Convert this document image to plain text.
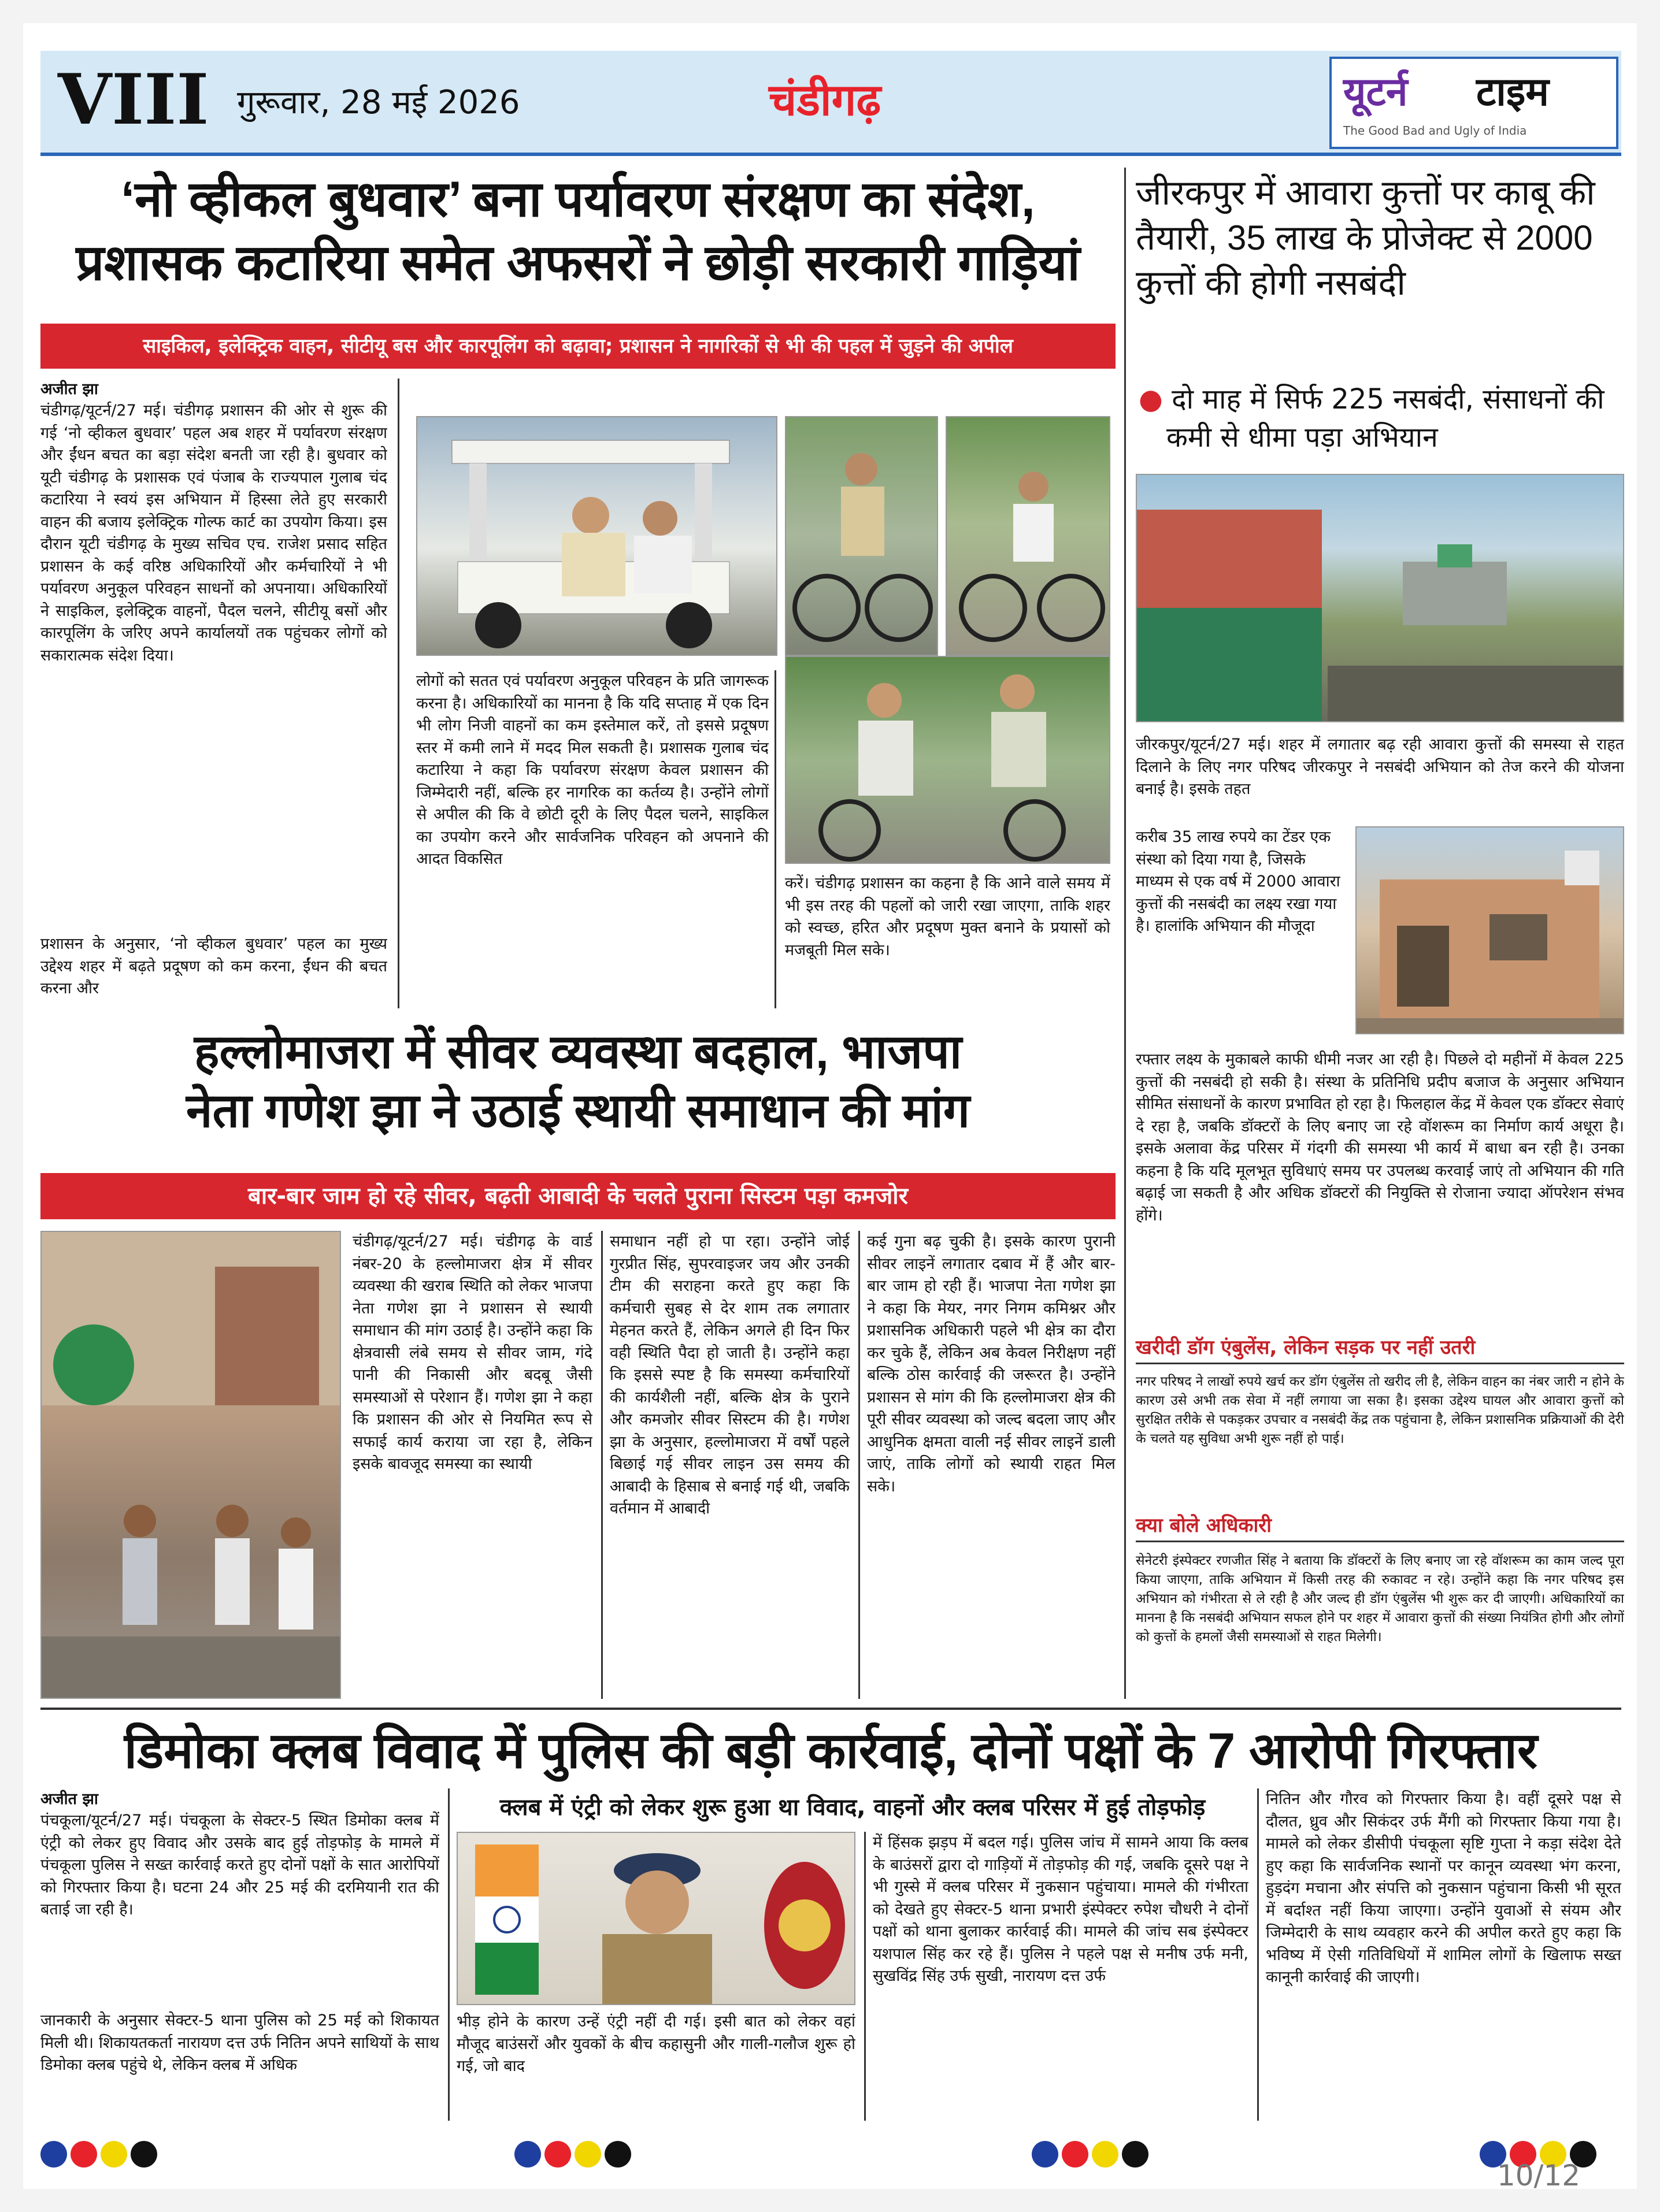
VIII गुरूवार, 28 मई 2026	चंडीगढ़	यूटर्न टाइम
The Good Bad and Ugly of India
‘नो व्हीकल बुधवार’ बना पर्यावरण संरक्षण का संदेश,
प्रशासक कटारिया समेत अफसरों ने छोड़ी सरकारी गाड़ियां
साइकिल, इलेक्ट्रिक वाहन, सीटीयू बस और कारपूलिंग को बढ़ावा; प्रशासन ने नागरिकों से भी की पहल में जुड़ने की अपील
अजीत झा
चंडीगढ़/यूटर्न/27 मई। चंडीगढ़ प्रशासन की ओर से शुरू की गई ‘नो व्हीकल बुधवार’ पहल अब शहर में पर्यावरण संरक्षण और ईंधन बचत का बड़ा संदेश बनती जा रही है। बुधवार को यूटी चंडीगढ़ के प्रशासक एवं पंजाब के राज्यपाल गुलाब चंद कटारिया ने स्वयं इस अभियान में हिस्सा लेते हुए सरकारी वाहन की बजाय इलेक्ट्रिक गोल्फ कार्ट का उपयोग किया। इस दौरान यूटी चंडीगढ़ के मुख्य सचिव एच. राजेश प्रसाद सहित प्रशासन के कई वरिष्ठ अधिकारियों और कर्मचारियों ने भी पर्यावरण अनुकूल परिवहन साधनों को अपनाया। अधिकारियों ने साइकिल, इलेक्ट्रिक वाहनों, पैदल चलने, सीटीयू बसों और कारपूलिंग के जरिए अपने कार्यालयों तक पहुंचकर लोगों को सकारात्मक संदेश दिया।
प्रशासन के अनुसार, ‘नो व्हीकल बुधवार’ पहल का मुख्य उद्देश्य शहर में बढ़ते प्रदूषण को कम करना, ईंधन की बचत करना और
लोगों को सतत एवं पर्यावरण अनुकूल परिवहन के प्रति जागरूक करना है। अधिकारियों का मानना है कि यदि सप्ताह में एक दिन भी लोग निजी वाहनों का कम इस्तेमाल करें, तो इससे प्रदूषण स्तर में कमी लाने में मदद मिल सकती है। प्रशासक गुलाब चंद कटारिया ने कहा कि पर्यावरण संरक्षण केवल प्रशासन की जिम्मेदारी नहीं, बल्कि हर नागरिक का कर्तव्य है। उन्होंने लोगों से अपील की कि वे छोटी दूरी के लिए पैदल चलने, साइकिल का उपयोग करने और सार्वजनिक परिवहन को अपनाने की आदत विकसित
करें। चंडीगढ़ प्रशासन का कहना है कि आने वाले समय में भी इस तरह की पहलों को जारी रखा जाएगा, ताकि शहर को स्वच्छ, हरित और प्रदूषण मुक्त बनाने के प्रयासों को मजबूती मिल सके।
जीरकपुर में आवारा कुत्तों पर काबू की
तैयारी, 35 लाख के प्रोजेक्ट से 2000
कुत्तों की होगी नसबंदी
● दो माह में सिर्फ 225 नसबंदी, संसाधनों की
कमी से धीमा पड़ा अभियान
जीरकपुर/यूटर्न/27 मई। शहर में लगातार बढ़ रही आवारा कुत्तों की समस्या से राहत दिलाने के लिए नगर परिषद जीरकपुर ने नसबंदी अभियान को तेज करने की योजना बनाई है। इसके तहत
करीब 35 लाख रुपये का टेंडर एक संस्था को दिया गया है, जिसके माध्यम से एक वर्ष में 2000 आवारा कुत्तों की नसबंदी का लक्ष्य रखा गया है। हालांकि अभियान की मौजूदा
रफ्तार लक्ष्य के मुकाबले काफी धीमी नजर आ रही है। पिछले दो महीनों में केवल 225 कुत्तों की नसबंदी हो सकी है। संस्था के प्रतिनिधि प्रदीप बजाज के अनुसार अभियान सीमित संसाधनों के कारण प्रभावित हो रहा है। फिलहाल केंद्र में केवल एक डॉक्टर सेवाएं दे रहा है, जबकि डॉक्टरों के लिए बनाए जा रहे वॉशरूम का निर्माण कार्य अधूरा है। इसके अलावा केंद्र परिसर में गंदगी की समस्या भी कार्य में बाधा बन रही है। उनका कहना है कि यदि मूलभूत सुविधाएं समय पर उपलब्ध करवाई जाएं तो अभियान की गति बढ़ाई जा सकती है और अधिक डॉक्टरों की नियुक्ति से रोजाना ज्यादा ऑपरेशन संभव होंगे।
खरीदी डॉग एंबुलेंस, लेकिन सड़क पर नहीं उतरी
नगर परिषद ने लाखों रुपये खर्च कर डॉग एंबुलेंस तो खरीद ली है, लेकिन वाहन का नंबर जारी न होने के कारण उसे अभी तक सेवा में नहीं लगाया जा सका है। इसका उद्देश्य घायल और आवारा कुत्तों को सुरक्षित तरीके से पकड़कर उपचार व नसबंदी केंद्र तक पहुंचाना है, लेकिन प्रशासनिक प्रक्रियाओं की देरी के चलते यह सुविधा अभी शुरू नहीं हो पाई।
क्या बोले अधिकारी
सेनेटरी इंस्पेक्टर रणजीत सिंह ने बताया कि डॉक्टरों के लिए बनाए जा रहे वॉशरूम का काम जल्द पूरा किया जाएगा, ताकि अभियान में किसी तरह की रुकावट न रहे। उन्होंने कहा कि नगर परिषद इस अभियान को गंभीरता से ले रही है और जल्द ही डॉग एंबुलेंस भी शुरू कर दी जाएगी। अधिकारियों का मानना है कि नसबंदी अभियान सफल होने पर शहर में आवारा कुत्तों की संख्या नियंत्रित होगी और लोगों को कुत्तों के हमलों जैसी समस्याओं से राहत मिलेगी।
हल्लोमाजरा में सीवर व्यवस्था बदहाल, भाजपा
नेता गणेश झा ने उठाई स्थायी समाधान की मांग
बार-बार जाम हो रहे सीवर, बढ़ती आबादी के चलते पुराना सिस्टम पड़ा कमजोर
चंडीगढ़/यूटर्न/27 मई। चंडीगढ़ के वार्ड नंबर-20 के हल्लोमाजरा क्षेत्र में सीवर व्यवस्था की खराब स्थिति को लेकर भाजपा नेता गणेश झा ने प्रशासन से स्थायी समाधान की मांग उठाई है। उन्होंने कहा कि क्षेत्रवासी लंबे समय से सीवर जाम, गंदे पानी की निकासी और बदबू जैसी समस्याओं से परेशान हैं। गणेश झा ने कहा कि प्रशासन की ओर से नियमित रूप से सफाई कार्य कराया जा रहा है, लेकिन इसके बावजूद समस्या का स्थायी
समाधान नहीं हो पा रहा। उन्होंने जोई गुरप्रीत सिंह, सुपरवाइजर जय और उनकी टीम की सराहना करते हुए कहा कि कर्मचारी सुबह से देर शाम तक लगातार मेहनत करते हैं, लेकिन अगले ही दिन फिर वही स्थिति पैदा हो जाती है। उन्होंने कहा कि इससे स्पष्ट है कि समस्या कर्मचारियों की कार्यशैली नहीं, बल्कि क्षेत्र के पुराने और कमजोर सीवर सिस्टम की है। गणेश झा के अनुसार, हल्लोमाजरा में वर्षों पहले बिछाई गई सीवर लाइन उस समय की आबादी के हिसाब से बनाई गई थी, जबकि वर्तमान में आबादी
कई गुना बढ़ चुकी है। इसके कारण पुरानी सीवर लाइनें लगातार दबाव में हैं और बार-बार जाम हो रही हैं। भाजपा नेता गणेश झा ने कहा कि मेयर, नगर निगम कमिश्नर और प्रशासनिक अधिकारी पहले भी क्षेत्र का दौरा कर चुके हैं, लेकिन अब केवल निरीक्षण नहीं बल्कि ठोस कार्रवाई की जरूरत है। उन्होंने प्रशासन से मांग की कि हल्लोमाजरा क्षेत्र की पूरी सीवर व्यवस्था को जल्द बदला जाए और आधुनिक क्षमता वाली नई सीवर लाइनें डाली जाएं, ताकि लोगों को स्थायी राहत मिल सके।
डिमोका क्लब विवाद में पुलिस की बड़ी कार्रवाई, दोनों पक्षों के 7 आरोपी गिरफ्तार
अजीत झा
पंचकूला/यूटर्न/27 मई। पंचकूला के सेक्टर-5 स्थित डिमोका क्लब में एंट्री को लेकर हुए विवाद और उसके बाद हुई तोड़फोड़ के मामले में पंचकूला पुलिस ने सख्त कार्रवाई करते हुए दोनों पक्षों के सात आरोपियों को गिरफ्तार किया है। घटना 24 और 25 मई की दरमियानी रात की बताई जा रही है।
जानकारी के अनुसार सेक्टर-5 थाना पुलिस को 25 मई को शिकायत मिली थी। शिकायतकर्ता नारायण दत्त उर्फ नितिन अपने साथियों के साथ डिमोका क्लब पहुंचे थे, लेकिन क्लब में अधिक
क्लब में एंट्री को लेकर शुरू हुआ था विवाद, वाहनों और क्लब परिसर में हुई तोड़फोड़
भीड़ होने के कारण उन्हें एंट्री नहीं दी गई। इसी बात को लेकर वहां मौजूद बाउंसरों और युवकों के बीच कहासुनी और गाली-गलौज शुरू हो गई, जो बाद
में हिंसक झड़प में बदल गई। पुलिस जांच में सामने आया कि क्लब के बाउंसरों द्वारा दो गाड़ियों में तोड़फोड़ की गई, जबकि दूसरे पक्ष ने भी गुस्से में क्लब परिसर में नुकसान पहुंचाया। मामले की गंभीरता को देखते हुए सेक्टर-5 थाना प्रभारी इंस्पेक्टर रुपेश चौधरी ने दोनों पक्षों को थाना बुलाकर कार्रवाई की। मामले की जांच सब इंस्पेक्टर यशपाल सिंह कर रहे हैं। पुलिस ने पहले पक्ष से मनीष उर्फ मनी, सुखविंद्र सिंह उर्फ सुखी, नारायण दत्त उर्फ
नितिन और गौरव को गिरफ्तार किया है। वहीं दूसरे पक्ष से दौलत, ध्रुव और सिकंदर उर्फ मैंगी को गिरफ्तार किया गया है। मामले को लेकर डीसीपी पंचकूला सृष्टि गुप्ता ने कड़ा संदेश देते हुए कहा कि सार्वजनिक स्थानों पर कानून व्यवस्था भंग करना, हुड़दंग मचाना और संपत्ति को नुकसान पहुंचाना किसी भी सूरत में बर्दाश्त नहीं किया जाएगा। उन्होंने युवाओं से संयम और जिम्मेदारी के साथ व्यवहार करने की अपील करते हुए कहा कि भविष्य में ऐसी गतिविधियों में शामिल लोगों के खिलाफ सख्त कानूनी कार्रवाई की जाएगी।
10/12
